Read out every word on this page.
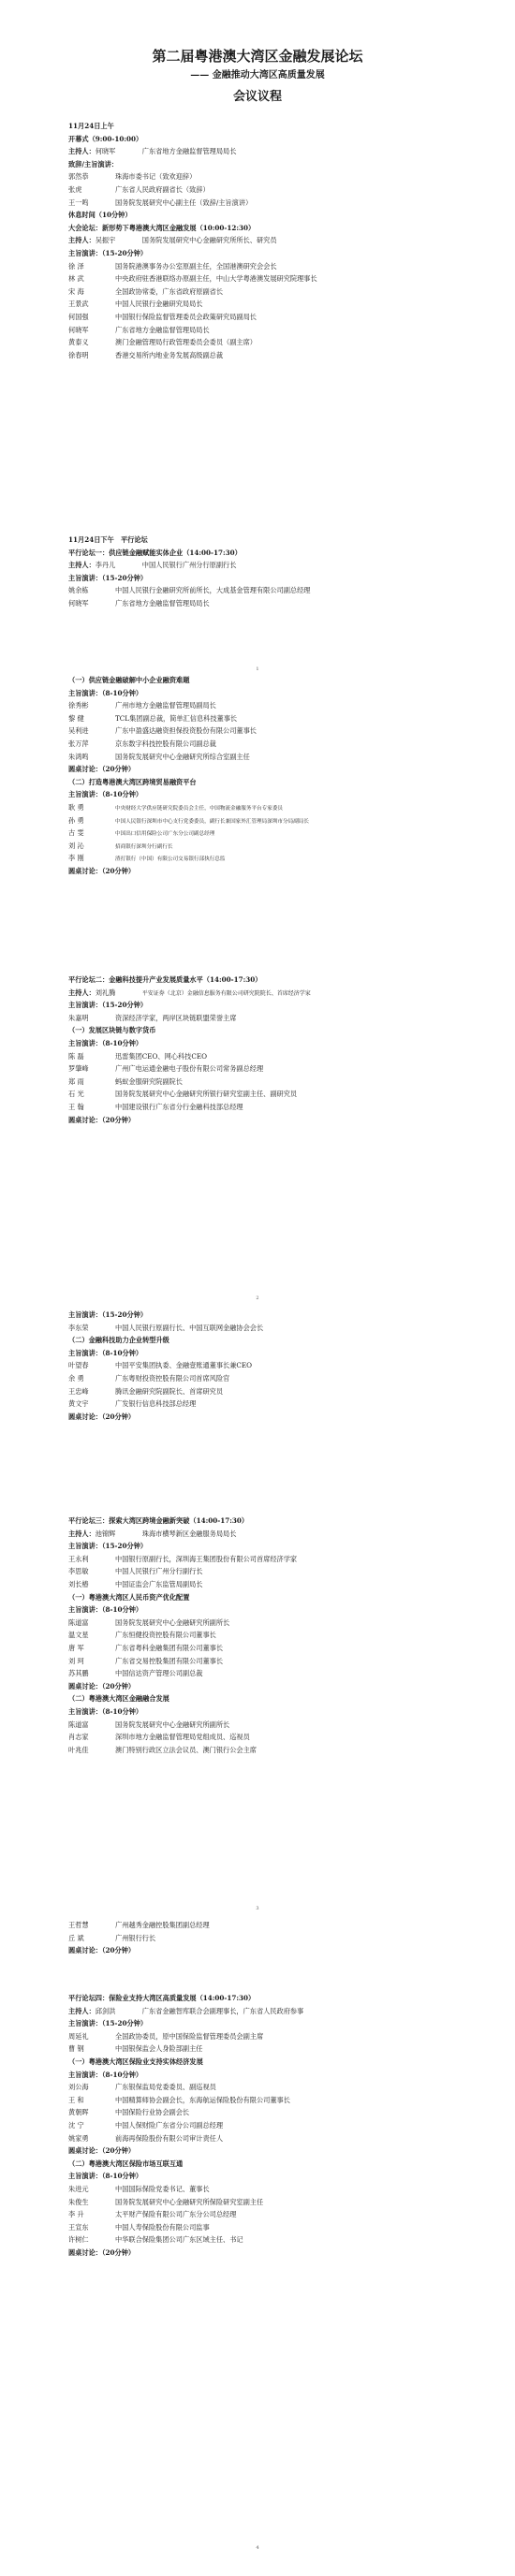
第二届粤港澳大湾区金融发展论坛
—— 金融推动大湾区高质量发展
会议议程
11月24日上午
开幕式（9:00-10:00）
主持人：何晓军	广东省地方金融监督管理局局长
致辞/主旨演讲：
郭然恭	珠海市委书记（致欢迎辞）
张虎	广东省人民政府副省长（致辞）
王一鸣	国务院发展研究中心副主任（致辞/主旨演讲）
休息时间（10分钟）
大会论坛：新形势下粤港澳大湾区金融发展（10:00-12:30）
主持人：吴振宇	国务院发展研究中心金融研究所所长、研究员
主旨演讲：（15-20分钟）
徐 泽	国务院港澳事务办公室原副主任，全国港澳研究会会长
林 武	中央政府驻香港联络办原副主任，中山大学粤港澳发展研究院理事长
宋 海	全国政协常委，广东省政府原副省长
王景武	中国人民银行金融研究局局长
何国强	中国银行保险监督管理委员会政策研究局副局长
何晓军	广东省地方金融监督管理局局长
黄泰义	澳门金融管理局行政管理委员会委员（副主席）
徐春明	香港交易所内地业务发展高级副总裁
11月24日下午　平行论坛
平行论坛一：供应链金融赋能实体企业（14:00-17:30）
主持人：李丹儿	中国人民银行广州分行原副行长
主旨演讲：（15-20分钟）
姚余栋	中国人民银行金融研究所前所长，大成基金管理有限公司副总经理
何晓军	广东省地方金融监督管理局局长
1
（一）供应链金融破解中小企业融资难题
主旨演讲：（8-10分钟）
徐秀彬	广州市地方金融监督管理局副局长
黎 健	TCL集团副总裁，简单汇信息科技董事长
吴利进	广东中盈盛达融资担保投资股份有限公司董事长
张万萍	京东数字科技控股有限公司副总裁
朱鸿鸣	国务院发展研究中心金融研究所综合室副主任
圆桌讨论：（20分钟）
（二）打造粤港澳大湾区跨境贸易融资平台
主旨演讲：（8-10分钟）
耿 勇	中央财经大学供应链研究院委员会主任，中国物流金融服务平台专家委员
孙 勇	中国人民银行深圳市中心支行党委委员，副行长兼国家外汇管理局深圳市分局副局长
古 雯	中国出口信用保险公司广东分公司副总经理
刘 沁	招商银行深圳分行副行长
李 刚	渣打银行（中国）有限公司交易银行部执行总监
圆桌讨论：（20分钟）
平行论坛二：金融科技提升产业发展质量水平（14:00-17:30）
主持人：刘礼腾	平安证券（北京）金融信息服务有限公司研究院院长、首席经济学家
主旨演讲：（15-20分钟）
朱嘉明	资深经济学家，两岸区块链联盟荣誉主席
（一）发展区块链与数字货币
主旨演讲：（8-10分钟）
陈 磊	迅雷集团CEO、网心科技CEO
罗肇峰	广州广电运通金融电子股份有限公司常务副总经理
郑 雨	蚂蚁金服研究院副院长
石 光	国务院发展研究中心金融研究所银行研究室副主任、副研究员
王 翰	中国建设银行广东省分行金融科技部总经理
圆桌讨论：（20分钟）
2
主旨演讲：（15-20分钟）
李东荣	中国人民银行原副行长、中国互联网金融协会会长
（二）金融科技助力企业转型升级
主旨演讲：（8-10分钟）
叶望春	中国平安集团执委、金融壹账通董事长兼CEO
余 勇	广东粤财投资控股有限公司首席风险官
王忠峰	腾讯金融研究院副院长、首席研究员
黄文宇	广发银行信息科技部总经理
圆桌讨论：（20分钟）
平行论坛三：探索大湾区跨境金融新突破（14:00-17:30）
主持人：池锦辉	珠海市横琴新区金融服务局局长
主旨演讲：（15-20分钟）
王永利	中国银行原副行长，深圳海王集团股份有限公司首席经济学家
李思敏	中国人民银行广州分行副行长
刘长椿	中国证监会广东监管局副局长
（一）粤港澳大湾区人民币资产优化配置
主旨演讲：（8-10分钟）
陈道富	国务院发展研究中心金融研究所副所长
温文星	广东恒健投资控股有限公司董事长
唐 军	广东省粤科金融集团有限公司董事长
刘 珂	广东省交易控股集团有限公司董事长
苏其鹏	中国信达资产管理公司副总裁
圆桌讨论：（20分钟）
（二）粤港澳大湾区金融融合发展
主旨演讲：（8-10分钟）
陈道富	国务院发展研究中心金融研究所副所长
肖志家	深圳市地方金融监督管理局党组成员、巡视员
叶兆佳	澳门特别行政区立法会议员、澳门银行公会主席
3
王哲慧	广州越秀金融控股集团副总经理
丘 斌	广州银行行长
圆桌讨论：（20分钟）
平行论坛四：保险业支持大湾区高质量发展（14:00-17:30）
主持人：邱剑洪	广东省金融智库联合会副理事长，广东省人民政府参事
主旨演讲：（15-20分钟）
周延礼	全国政协委员，原中国保险监督管理委员会副主席
曹 钢	中国银保监会人身险部副主任
（一）粤港澳大湾区保险业支持实体经济发展
主旨演讲：（8-10分钟）
刘公海	广东银保监局党委委员、副巡视员
王 和	中国精算师协会副会长，东海航运保险股份有限公司董事长
黄朝晖	中国保险行业协会副会长
沈 宁	中国人保财险广东省分公司副总经理
姚家勇	前海再保险股份有限公司审计责任人
圆桌讨论：（20分钟）
（二）粤港澳大湾区保险市场互联互通
主旨演讲：（8-10分钟）
朱进元	中国国际保险党委书记、董事长
朱俊生	国务院发展研究中心金融研究所保险研究室副主任
李 升	太平财产保险有限公司广东分公司总经理
王宣东	中国人寿保险股份有限公司监事
许树仁	中华联合保险集团公司广东区域主任、书记
圆桌讨论：（20分钟）
4
